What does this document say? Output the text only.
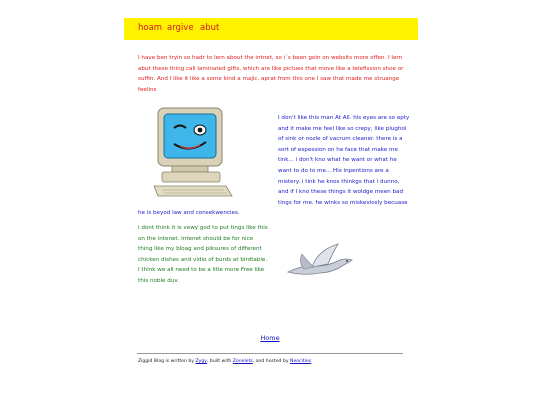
hoam argive abut

I have ben tryin so hadr to lern about the intnet, so i´s been goin on websits more offen. I lern abut these thing call laminated gifts, which are like pictues that move like a telefission shoe or suffin. And I like it like a some kind a majic, aprat from this one I saw that made me struange feelins

I don't like this man At All. his eyes are so epty and it make me feel like so crepy, like plughol of sink or nozle of vacrum cleaner. there is a sort of expession on he face that make me tink... i don't kno what he want or what he want to do to me... His inpentions are a mistery. i tink he knos thinkgs that i dunno, and if I kno these things it woldge meen bad tings for me. he winks so miskeviosly becuase he is beyod law and consekwencies.

i dont think it is vewy god to put tings like this on the intenet. Intenet should be for nice thing like my bloag and piksures of different chicken dishes and vidio of burds at birdtable. I think we all need to be a litle more Free like this noble duv.

Home
Ziggid Blog is written by Zygy, built with Zonelets, and hosted by Neocities
